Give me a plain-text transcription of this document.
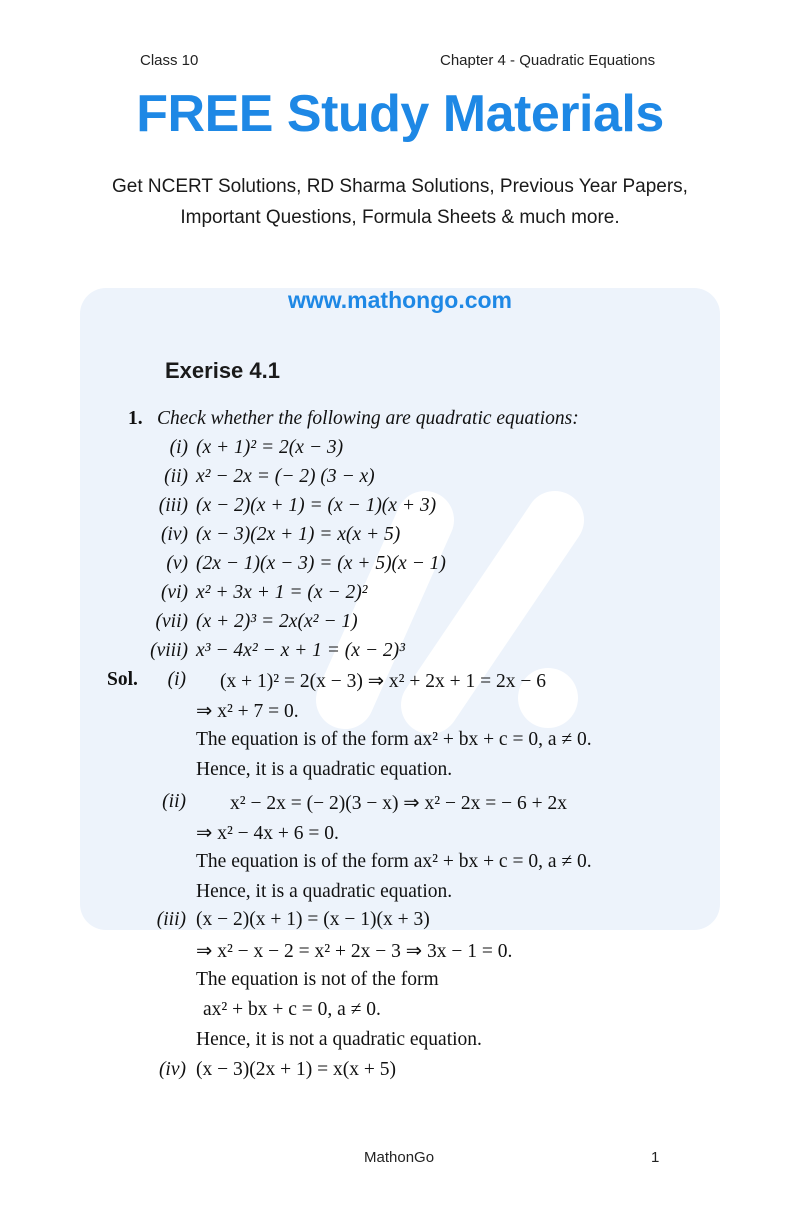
Class 10	Chapter 4 - Quadratic Equations
FREE Study Materials
Get NCERT Solutions, RD Sharma Solutions, Previous Year Papers,
Important Questions, Formula Sheets & much more.
www.mathongo.com
Exerise 4.1
1. Check whether the following are quadratic equations:
(i) (x + 1)² = 2(x − 3)
(ii) x² − 2x = (− 2) (3 − x)
(iii) (x − 2)(x + 1) = (x − 1)(x + 3)
(iv) (x − 3)(2x + 1) = x(x + 5)
(v) (2x − 1)(x − 3) = (x + 5)(x − 1)
(vi) x² + 3x + 1 = (x − 2)²
(vii) (x + 2)³ = 2x(x² − 1)
(viii) x³ − 4x² − x + 1 = (x − 2)³
Sol. (i) (x + 1)² = 2(x − 3) ⇒ x² + 2x + 1 = 2x − 6
⇒ x² + 7 = 0.
The equation is of the form ax² + bx + c = 0, a ≠ 0.
Hence, it is a quadratic equation.
(ii) x² − 2x = (− 2)(3 − x) ⇒ x² − 2x = − 6 + 2x
⇒ x² − 4x + 6 = 0.
The equation is of the form ax² + bx + c = 0, a ≠ 0.
Hence, it is a quadratic equation.
(iii) (x − 2)(x + 1) = (x − 1)(x + 3)
⇒ x² − x − 2 = x² + 2x − 3 ⇒ 3x − 1 = 0.
The equation is not of the form
ax² + bx + c = 0, a ≠ 0.
Hence, it is not a quadratic equation.
(iv) (x − 3)(2x + 1) = x(x + 5)
MathonGo	1
